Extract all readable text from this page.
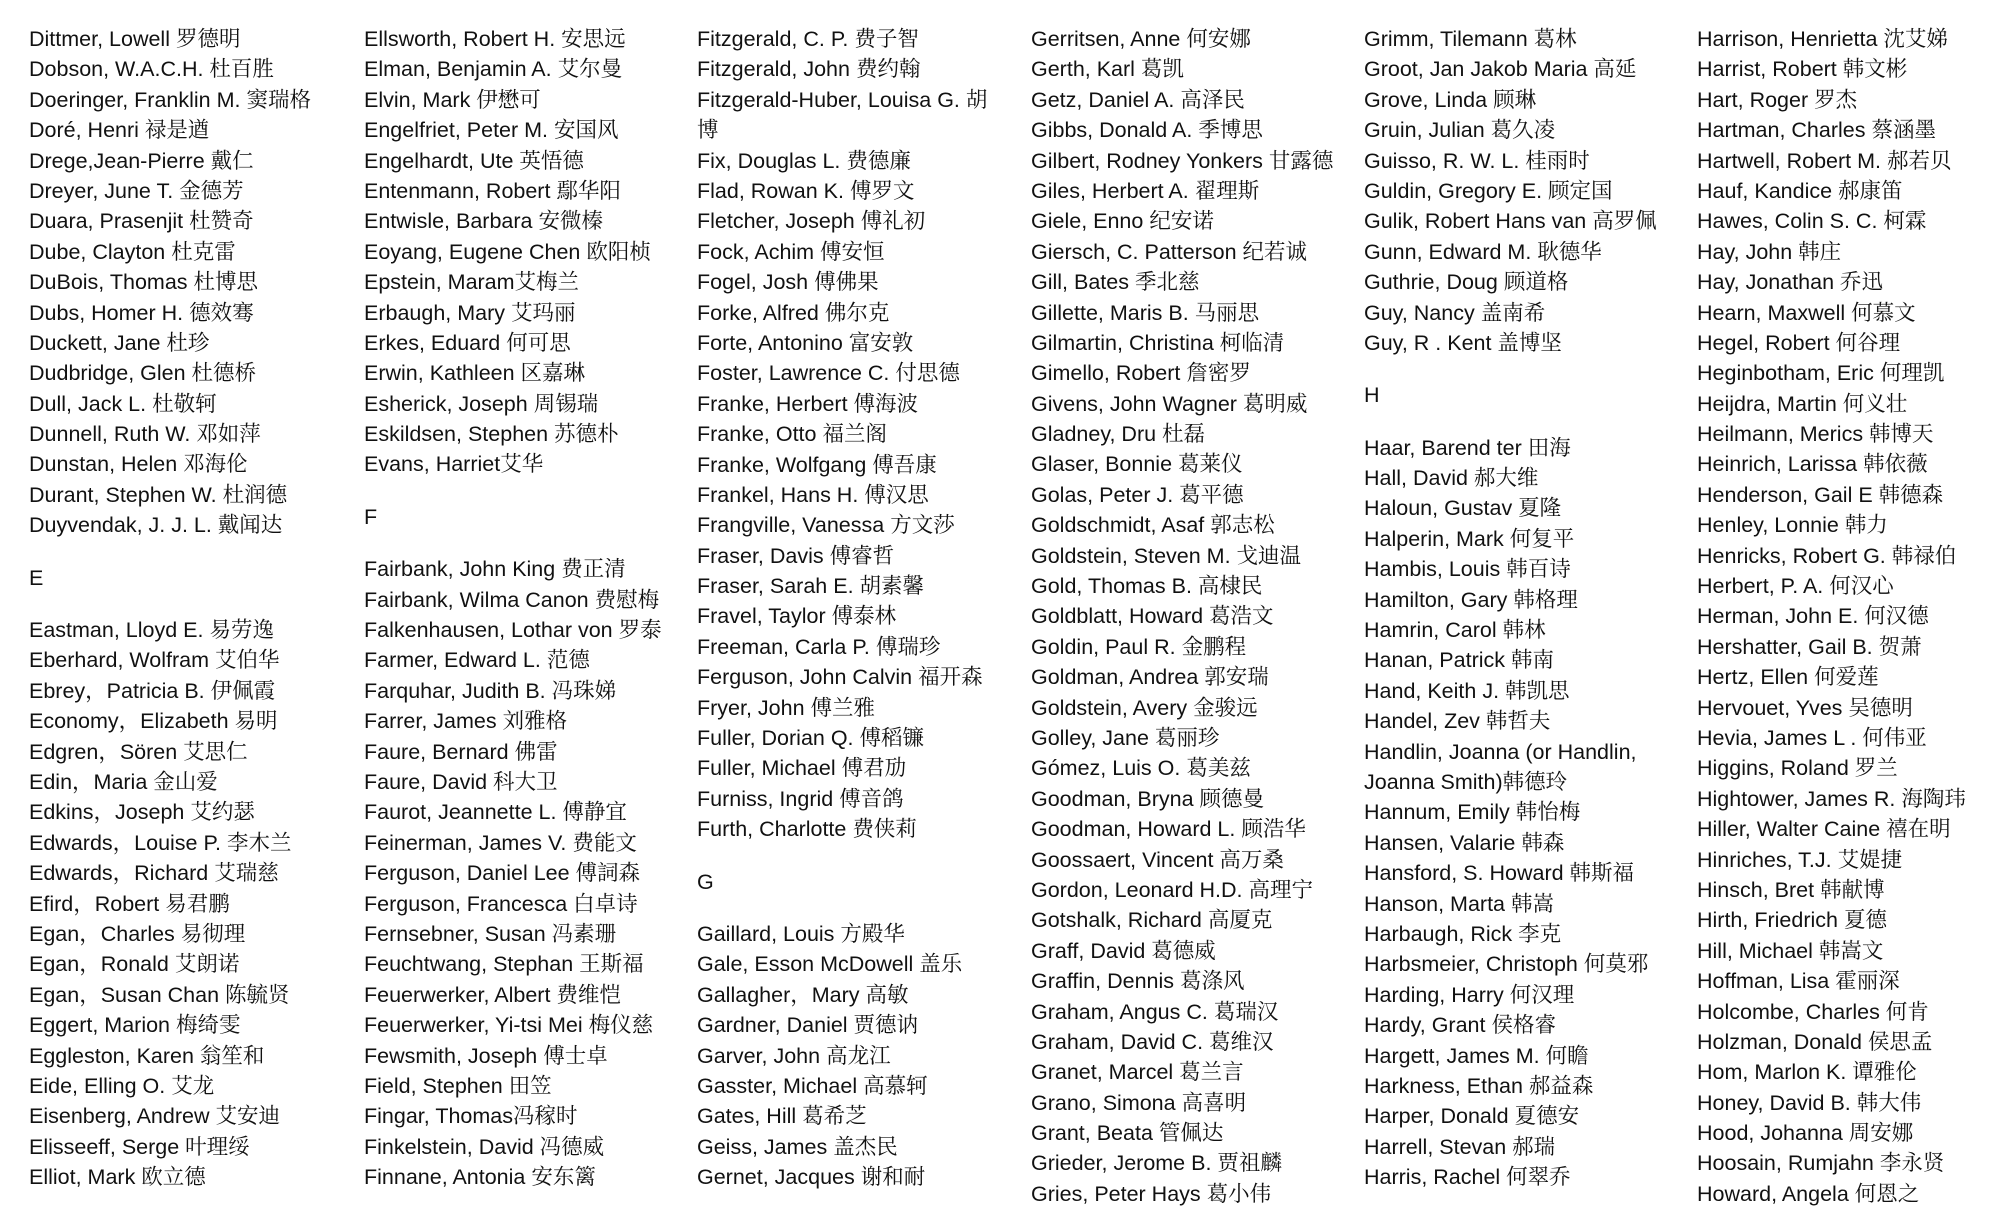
Dittmer, Lowell 罗德明
Dobson, W.A.C.H. 杜百胜
Doeringer, Franklin M. 窦瑞格
Doré, Henri 禄是遒
Drege,Jean-Pierre 戴仁
Dreyer, June T. 金德芳
Duara, Prasenjit 杜赞奇
Dube, Clayton 杜克雷
DuBois, Thomas 杜博思
Dubs, Homer H. 德效骞
Duckett, Jane 杜珍
Dudbridge, Glen 杜德桥
Dull, Jack L. 杜敬轲
Dunnell, Ruth W. 邓如萍
Dunstan, Helen 邓海伦
Durant, Stephen W. 杜润德
Duyvendak, J. J. L. 戴闻达
E
Eastman, Lloyd E. 易劳逸
Eberhard, Wolfram 艾伯华
Ebrey，Patricia B. 伊佩霞
Economy，Elizabeth 易明
Edgren，Sören 艾思仁
Edin，Maria 金山爱
Edkins，Joseph 艾约瑟
Edwards，Louise P. 李木兰
Edwards，Richard 艾瑞慈
Efird，Robert 易君鹏
Egan，Charles 易彻理
Egan，Ronald 艾朗诺
Egan，Susan Chan 陈毓贤
Eggert, Marion 梅绮雯
Eggleston, Karen 翁笙和
Eide, Elling O. 艾龙
Eisenberg, Andrew 艾安迪
Elisseeff, Serge 叶理绥
Elliot, Mark 欧立德
Ellsworth, Robert H. 安思远
Elman, Benjamin A. 艾尔曼
Elvin, Mark 伊懋可
Engelfriet, Peter M. 安国风
Engelhardt, Ute 英悟德
Entenmann, Robert 鄢华阳
Entwisle, Barbara 安微榛
Eoyang, Eugene Chen 欧阳桢
Epstein, Maram艾梅兰
Erbaugh, Mary 艾玛丽
Erkes, Eduard 何可思
Erwin, Kathleen 区嘉琳
Esherick, Joseph 周锡瑞
Eskildsen, Stephen 苏德朴
Evans, Harriet艾华
F
Fairbank, John King 费正清
Fairbank, Wilma Canon 费慰梅
Falkenhausen, Lothar von 罗泰
Farmer, Edward L. 范德
Farquhar, Judith B. 冯珠娣
Farrer, James 刘雅格
Faure, Bernard 佛雷
Faure, David 科大卫
Faurot, Jeannette L. 傅静宜
Feinerman, James V. 费能文
Ferguson, Daniel Lee 傅詞森
Ferguson, Francesca 白卓诗
Fernsebner, Susan 冯素珊
Feuchtwang, Stephan 王斯福
Feuerwerker, Albert 费维恺
Feuerwerker, Yi-tsi Mei 梅仪慈
Fewsmith, Joseph 傅士卓
Field, Stephen 田笠
Fingar, Thomas冯稼时
Finkelstein, David 冯德威
Finnane, Antonia 安东篱
Fitzgerald, C. P. 费子智
Fitzgerald, John 费约翰
Fitzgerald-Huber, Louisa G. 胡博
Fix, Douglas L. 费德廉
Flad, Rowan K. 傅罗文
Fletcher, Joseph 傅礼初
Fock, Achim 傅安恒
Fogel, Josh 傅佛果
Forke, Alfred 佛尔克
Forte, Antonino 富安敦
Foster, Lawrence C. 付思德
Franke, Herbert 傅海波
Franke, Otto 福兰阁
Franke, Wolfgang 傅吾康
Frankel, Hans H. 傅汉思
Frangville, Vanessa 方文莎
Fraser, Davis 傅睿哲
Fraser, Sarah E. 胡素馨
Fravel, Taylor 傅泰林
Freeman, Carla P. 傅瑞珍
Ferguson, John Calvin 福开森
Fryer, John 傅兰雅
Fuller, Dorian Q. 傅稻镰
Fuller, Michael 傅君劢
Furniss, Ingrid 傅音鸽
Furth, Charlotte 费侠莉
G
Gaillard, Louis 方殿华
Gale, Esson McDowell 盖乐
Gallagher，Mary 高敏
Gardner, Daniel 贾德讷
Garver, John 高龙江
Gasster, Michael 高慕轲
Gates, Hill 葛希芝
Geiss, James 盖杰民
Gernet, Jacques 谢和耐
Gerritsen, Anne 何安娜
Gerth, Karl 葛凯
Getz, Daniel A. 高泽民
Gibbs, Donald A. 季博思
Gilbert, Rodney Yonkers 甘露德
Giles, Herbert A. 翟理斯
Giele, Enno 纪安诺
Giersch, C. Patterson 纪若诚
Gill, Bates 季北慈
Gillette, Maris B. 马丽思
Gilmartin, Christina 柯临清
Gimello, Robert 詹密罗
Givens, John Wagner 葛明威
Gladney, Dru 杜磊
Glaser, Bonnie 葛莱仪
Golas, Peter J. 葛平德
Goldschmidt, Asaf 郭志松
Goldstein, Steven M. 戈迪温
Gold, Thomas B. 高棣民
Goldblatt, Howard 葛浩文
Goldin, Paul R. 金鹏程
Goldman, Andrea 郭安瑞
Goldstein, Avery 金骏远
Golley, Jane 葛丽珍
Gómez, Luis O. 葛美兹
Goodman, Bryna 顾德曼
Goodman, Howard L. 顾浩华
Goossaert, Vincent 高万桑
Gordon, Leonard H.D. 高理宁
Gotshalk, Richard 高厦克
Graff, David 葛德威
Graffin, Dennis 葛涤风
Graham, Angus C. 葛瑞汉
Graham, David C. 葛维汉
Granet, Marcel 葛兰言
Grano, Simona 高喜明
Grant, Beata 管佩达
Grieder, Jerome B. 贾祖麟
Gries, Peter Hays 葛小伟
Grimm, Tilemann 葛林
Groot, Jan Jakob Maria 高延
Grove, Linda 顾琳
Gruin, Julian 葛久凌
Guisso, R. W. L. 桂雨时
Guldin, Gregory E. 顾定国
Gulik, Robert Hans van 高罗佩
Gunn, Edward M. 耿德华
Guthrie, Doug 顾道格
Guy, Nancy 盖南希
Guy, R . Kent 盖博坚
H
Haar, Barend ter 田海
Hall, David 郝大维
Haloun, Gustav 夏隆
Halperin, Mark 何复平
Hambis, Louis 韩百诗
Hamilton, Gary 韩格理
Hamrin, Carol 韩林
Hanan, Patrick 韩南
Hand, Keith J. 韩凯思
Handel, Zev 韩哲夫
Handlin, Joanna (or Handlin, Joanna Smith)韩德玲
Hannum, Emily 韩怡梅
Hansen, Valarie 韩森
Hansford, S. Howard 韩斯福
Hanson, Marta 韩嵩
Harbaugh, Rick 李克
Harbsmeier, Christoph 何莫邪
Harding, Harry 何汉理
Hardy, Grant 侯格睿
Hargett, James M. 何瞻
Harkness, Ethan 郝益森
Harper, Donald 夏德安
Harrell, Stevan 郝瑞
Harris, Rachel 何翠乔
Harrison, Henrietta 沈艾娣
Harrist, Robert 韩文彬
Hart, Roger 罗杰
Hartman, Charles 蔡涵墨
Hartwell, Robert M. 郝若贝
Hauf, Kandice 郝康笛
Hawes, Colin S. C. 柯霖
Hay, John 韩庄
Hay, Jonathan 乔迅
Hearn, Maxwell 何慕文
Hegel, Robert 何谷理
Heginbotham, Eric 何理凯
Heijdra, Martin 何义壮
Heilmann, Merics 韩博天
Heinrich, Larissa 韩依薇
Henderson, Gail E 韩德森
Henley, Lonnie 韩力
Henricks, Robert G. 韩禄伯
Herbert, P. A. 何汉心
Herman, John E. 何汉德
Hershatter, Gail B. 贺萧
Hertz, Ellen 何爱莲
Hervouet, Yves 吴德明
Hevia, James L . 何伟亚
Higgins, Roland 罗兰
Hightower, James R. 海陶玮
Hiller, Walter Caine 禧在明
Hinriches, T.J. 艾媞捷
Hinsch, Bret 韩献博
Hirth, Friedrich 夏德
Hill, Michael 韩嵩文
Hoffman, Lisa 霍丽深
Holcombe, Charles 何肯
Holzman, Donald 侯思孟
Hom, Marlon K. 谭雅伦
Honey, David B. 韩大伟
Hood, Johanna 周安娜
Hoosain, Rumjahn 李永贤
Howard, Angela 何恩之
